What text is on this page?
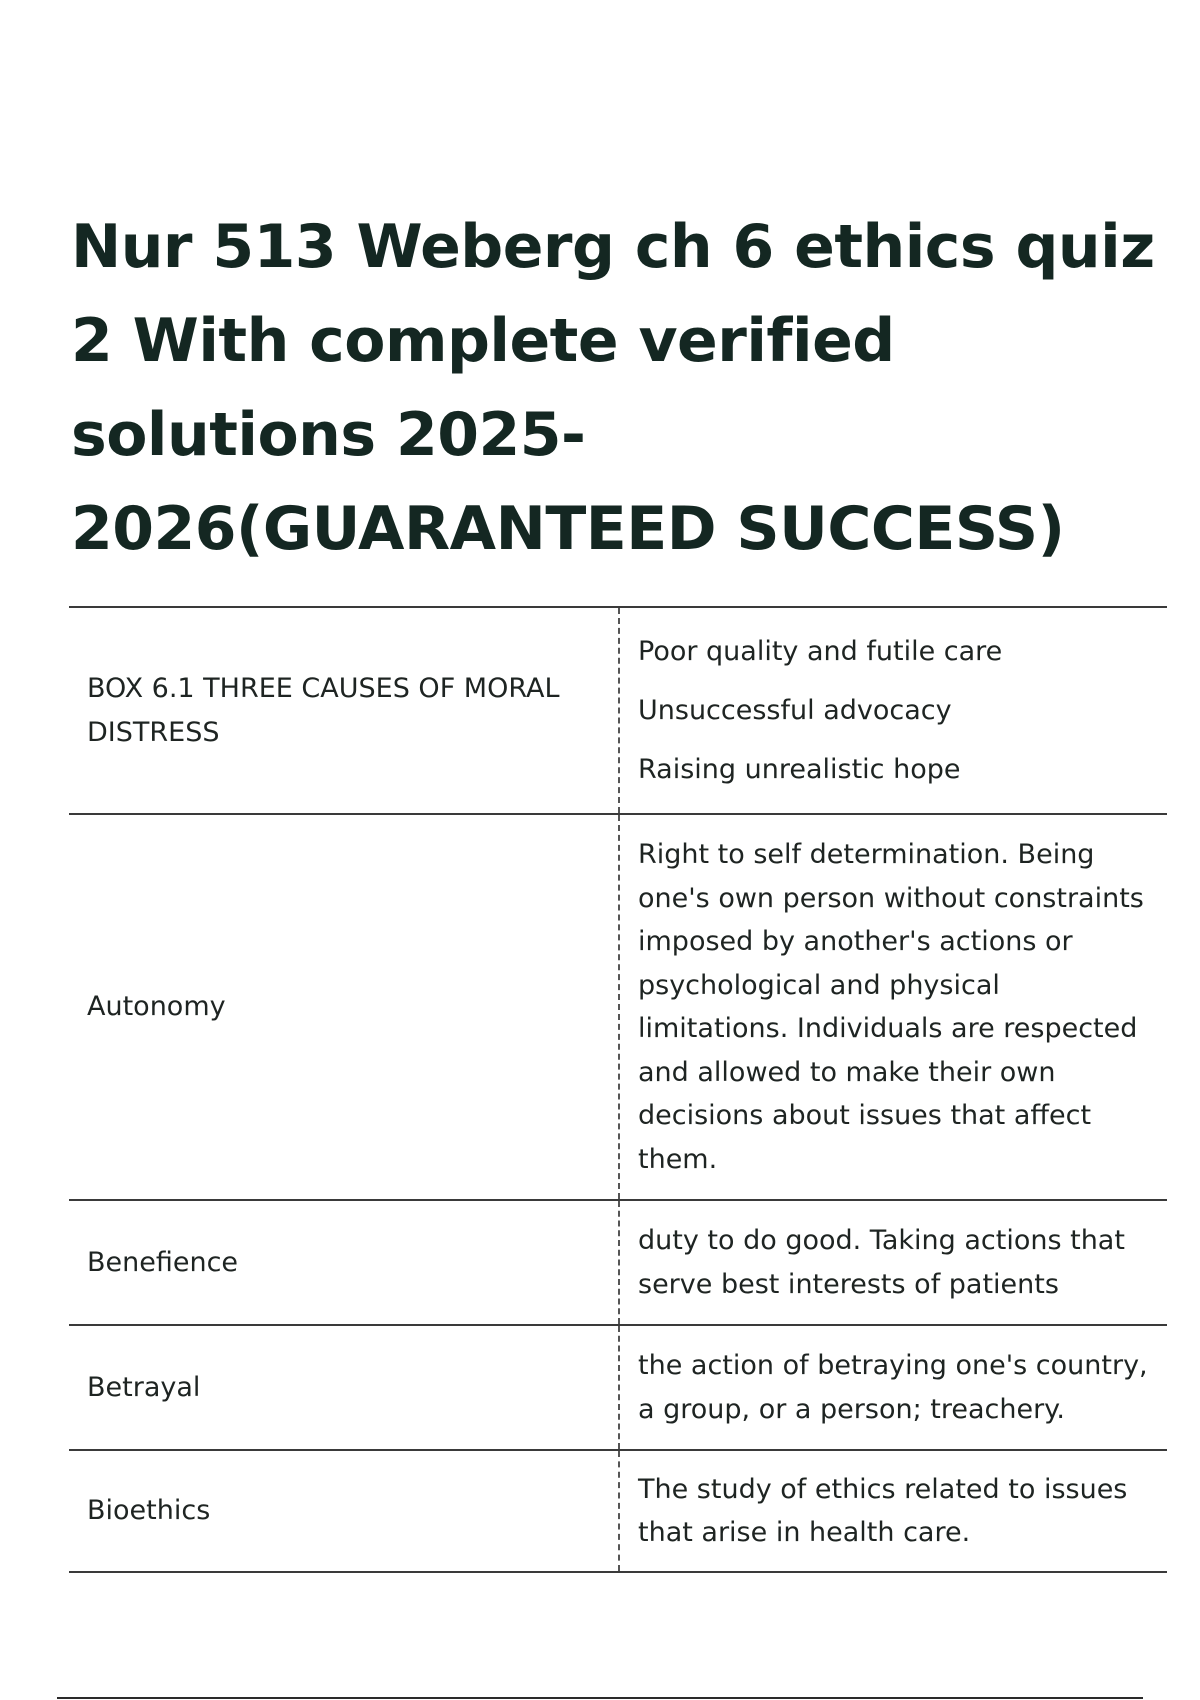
Nur 513 Weberg ch 6 ethics quiz
2 With complete verified
solutions 2025-
2026(GUARANTEED SUCCESS)
BOX 6.1 THREE CAUSES OF MORAL DISTRESS	Poor quality and futile care
Unsuccessful advocacy
Raising unrealistic hope

Autonomy	Right to self determination. Being one's own person without constraints imposed by another's actions or psychological and physical limitations. Individuals are respected and allowed to make their own decisions about issues that affect them.
Benefience	duty to do good. Taking actions that serve best interests of patients
Betrayal	the action of betraying one's country, a group, or a person; treachery.
Bioethics	The study of ethics related to issues that arise in health care.
